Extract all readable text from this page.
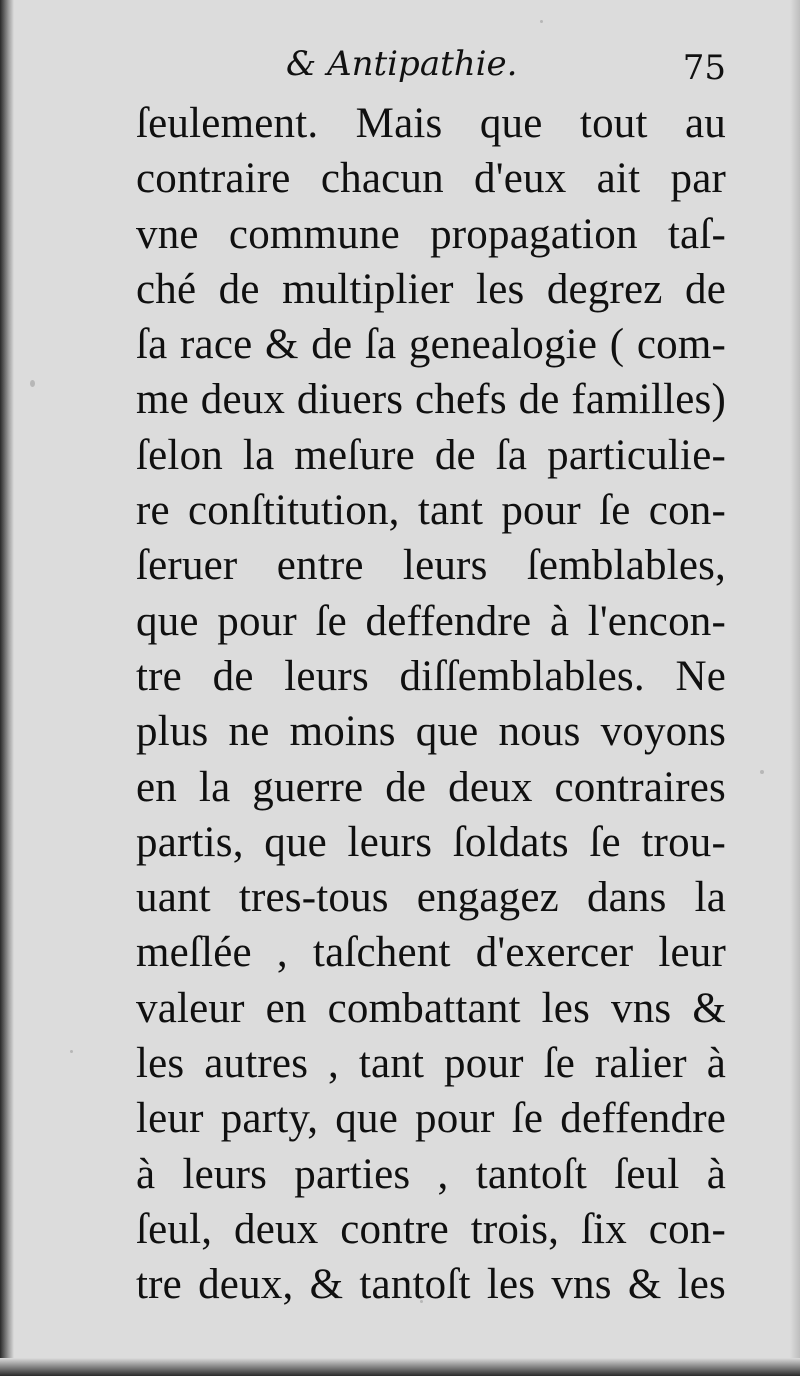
& Antipathie.	75
ſeulement. Mais que tout au
contraire chacun d'eux ait par
vne commune propagation taſ-
ché de multiplier les degrez de
ſa race & de ſa genealogie ( com-
me deux diuers chefs de familles)
ſelon la meſure de ſa particulie-
re conſtitution, tant pour ſe con-
ſeruer entre leurs ſemblables,
que pour ſe deffendre à l'encon-
tre de leurs diſſemblables. Ne
plus ne moins que nous voyons
en la guerre de deux contraires
partis, que leurs ſoldats ſe trou-
uant tres-tous engagez dans la
meſlée , taſchent d'exercer leur
valeur en combattant les vns &
les autres , tant pour ſe ralier à
leur party, que pour ſe deffendre
à leurs parties , tantoſt ſeul à
ſeul, deux contre trois, ſix con-
tre deux, & tantoſt les vns & les
